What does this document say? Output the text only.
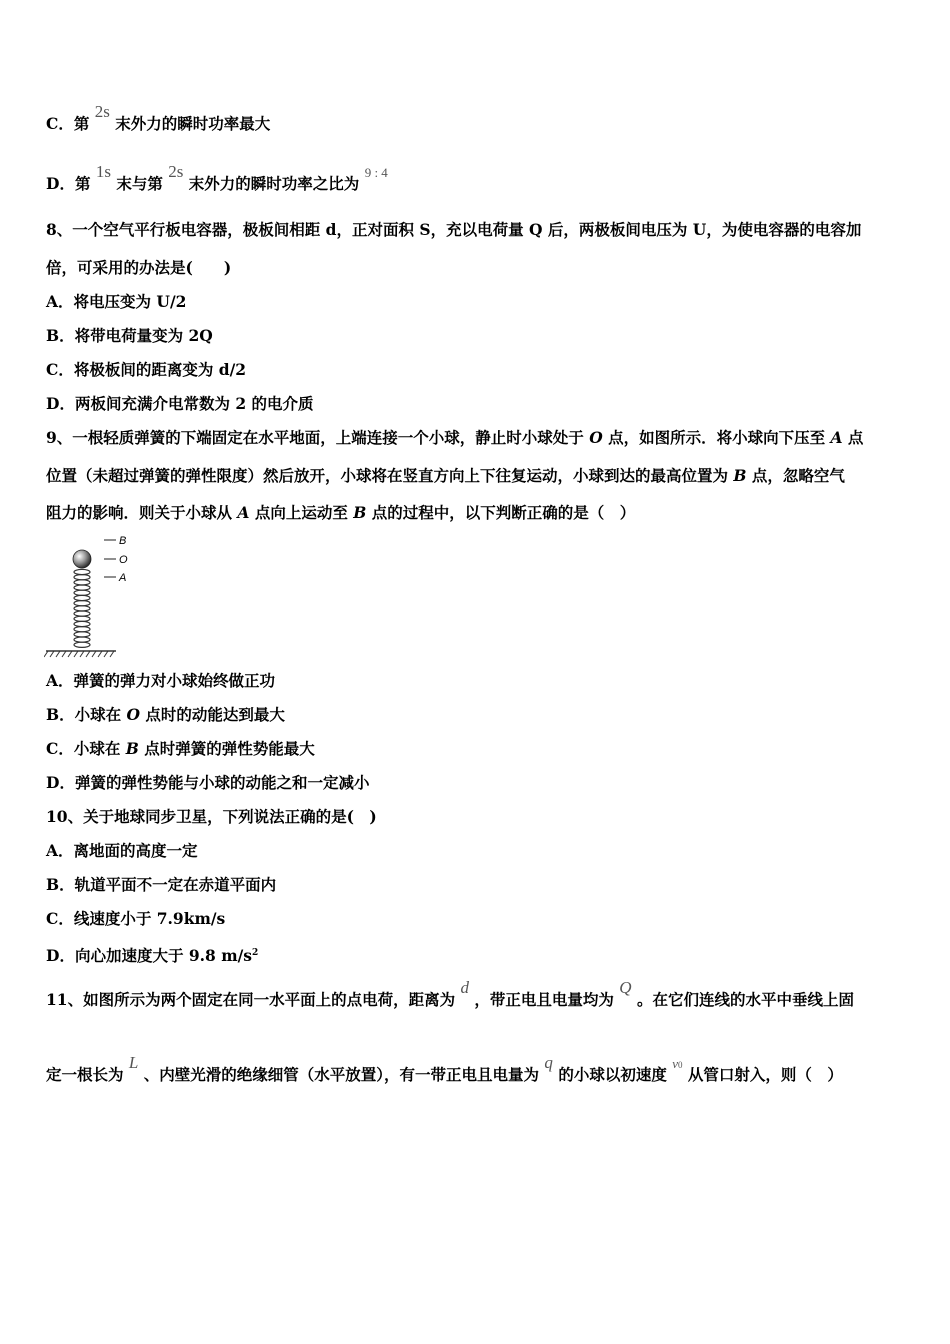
C．第 2s 末外力的瞬时功率最大
D．第 1s 末与第 2s 末外力的瞬时功率之比为 $^{9 : 4}$
8、一个空气平行板电容器，极板间相距 d，正对面积 S，充以电荷量 Q 后，两极板间电压为 U，为使电容器的电容加
倍，可采用的办法是(　　)
A．将电压变为 U/2
B．将带电荷量变为 2Q
C．将极板间的距离变为 d/2
D．两板间充满介电常数为 2 的电介质
9、一根轻质弹簧的下端固定在水平地面，上端连接一个小球，静止时小球处于 O 点，如图所示．将小球向下压至 A 点
位置（未超过弹簧的弹性限度）然后放开，小球将在竖直方向上下往复运动，小球到达的最高位置为 B 点，忽略空气
阻力的影响．则关于小球从 A 点向上运动至 B 点的过程中，以下判断正确的是（　）
B
O
A
A．弹簧的弹力对小球始终做正功
B．小球在 O 点时的动能达到最大
C．小球在 B 点时弹簧的弹性势能最大
D．弹簧的弹性势能与小球的动能之和一定减小
10、关于地球同步卫星，下列说法正确的是(　)
A．离地面的高度一定
B．轨道平面不一定在赤道平面内
C．线速度小于 7.9km/s
D．向心加速度大于 9.8 $m/s^2$
11、如图所示为两个固定在同一水平面上的点电荷，距离为 d ，带正电且电量均为 Q 。在它们连线的水平中垂线上固
定一根长为 L 、内壁光滑的绝缘细管（水平放置），有一带正电且电量为 q 的小球以初速度 $^{v0}$ 从管口射入，则（　）
